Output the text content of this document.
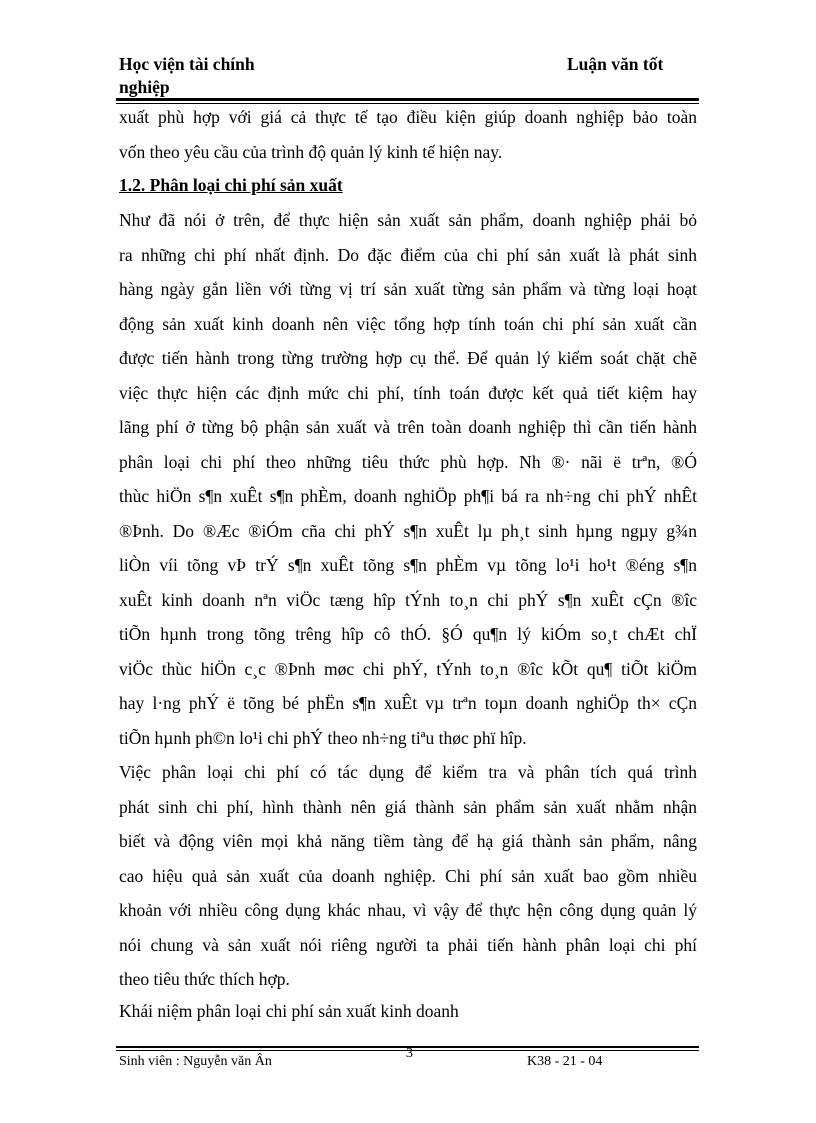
Học viện tài chính
nghiệp
Luận văn tốt
xuất phù hợp với giá cả thực tế tạo điều kiện giúp doanh nghiệp bảo toàn
vốn theo yêu cầu của trình độ quản lý kinh tế hiện nay.
1.2. Phân loại chi phí sản xuất
Như đã nói ở trên, để thực hiện sản xuất sản phẩm, doanh nghiệp phải bỏ
ra những chi phí nhất định. Do đặc điểm của chi phí sản xuất là phát sinh
hàng ngày gắn liền với từng vị trí sản xuất từng sản phẩm và từng loại hoạt
động sản xuất kinh doanh nên việc tổng hợp tính toán chi phí sản xuất cần
được tiến hành trong từng trường hợp cụ thể. Để quản lý kiểm soát chặt chẽ
việc thực hiện các định mức chi phí, tính toán được kết quả tiết kiệm hay
lãng phí ở từng bộ phận sản xuất và trên toàn doanh nghiệp thì cần tiến hành
phân loại chi phí theo những tiêu thức phù hợp. Nh ®· nãi ë trªn, ®Ó
thùc hiÖn s¶n xuÊt s¶n phÈm, doanh nghiÖp ph¶i bá ra nh÷ng chi phÝ nhÊt
®Þnh. Do ®Æc ®iÓm cña chi phÝ s¶n xuÊt lµ ph¸t sinh hµng ngµy g¾n
liÒn víi tõng vÞ trÝ s¶n xuÊt tõng s¶n phÈm vµ tõng lo¹i ho¹t ®éng s¶n
xuÊt kinh doanh nªn viÖc tæng hîp tÝnh to¸n chi phÝ s¶n xuÊt cÇn ®îc
tiÕn hµnh trong tõng trêng hîp cô thÓ. §Ó qu¶n lý kiÓm so¸t chÆt chÏ
viÖc thùc hiÖn c¸c ®Þnh møc chi phÝ, tÝnh to¸n ®îc kÕt qu¶ tiÕt kiÖm
hay l·ng phÝ ë tõng bé phËn s¶n xuÊt vµ trªn toµn doanh nghiÖp th× cÇn
tiÕn hµnh ph©n lo¹i chi phÝ theo nh÷ng tiªu thøc phï hîp.
Việc phân loại chi phí có tác dụng để kiểm tra và phân tích quá trình
phát sinh chi phí, hình thành nên giá thành sản phẩm sản xuất nhằm nhận
biết và động viên mọi khả năng tiềm tàng để hạ giá thành sản phẩm, nâng
cao hiệu quả sản xuất của doanh nghiệp. Chi phí sản xuất bao gồm nhiều
khoản với nhiều công dụng khác nhau, vì vậy để thực hện công dụng quản lý
nói chung và sản xuất nói riêng người ta phải tiến hành phân loại chi phí
theo tiêu thức thích hợp.
Khái niệm phân loại chi phí sản xuất kinh doanh
Sinh viên : Nguyễn văn Ân
3
K38 - 21 - 04
